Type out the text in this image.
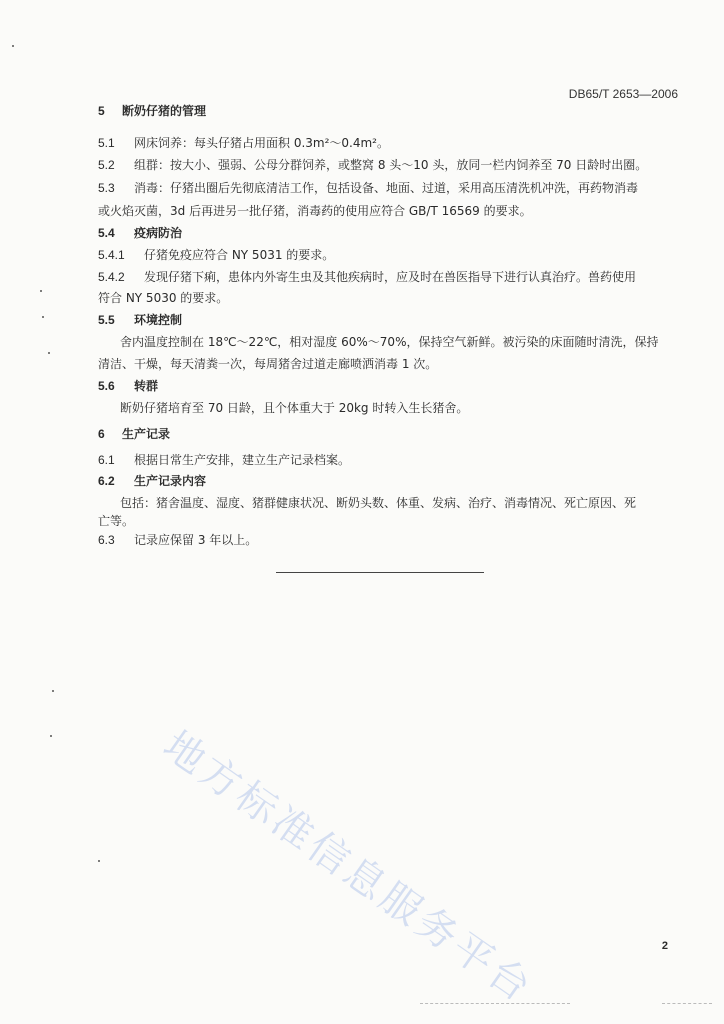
DB65/T 2653—2006
地方标准信息服务平台
5 断奶仔猪的管理
5.1 网床饲养：每头仔猪占用面积 0.3m²～0.4m²。
5.2 组群：按大小、强弱、公母分群饲养，或整窝 8 头～10 头，放同一栏内饲养至 70 日龄时出圈。
5.3 消毒：仔猪出圈后先彻底清洁工作，包括设备、地面、过道，采用高压清洗机冲洗，再药物消毒
或火焰灭菌，3d 后再进另一批仔猪，消毒药的使用应符合 GB/T 16569 的要求。
5.4 疫病防治
5.4.1 仔猪免疫应符合 NY 5031 的要求。
5.4.2 发现仔猪下痢，患体内外寄生虫及其他疾病时，应及时在兽医指导下进行认真治疗。兽药使用
符合 NY 5030 的要求。
5.5 环境控制
舍内温度控制在 18℃～22℃，相对湿度 60%～70%，保持空气新鲜。被污染的床面随时清洗，保持
清洁、干燥，每天清粪一次，每周猪舍过道走廊喷洒消毒 1 次。
5.6 转群
断奶仔猪培育至 70 日龄，且个体重大于 20kg 时转入生长猪舍。
6 生产记录
6.1 根据日常生产安排，建立生产记录档案。
6.2 生产记录内容
包括：猪舍温度、湿度、猪群健康状况、断奶头数、体重、发病、治疗、消毒情况、死亡原因、死
亡等。
6.3 记录应保留 3 年以上。
2
